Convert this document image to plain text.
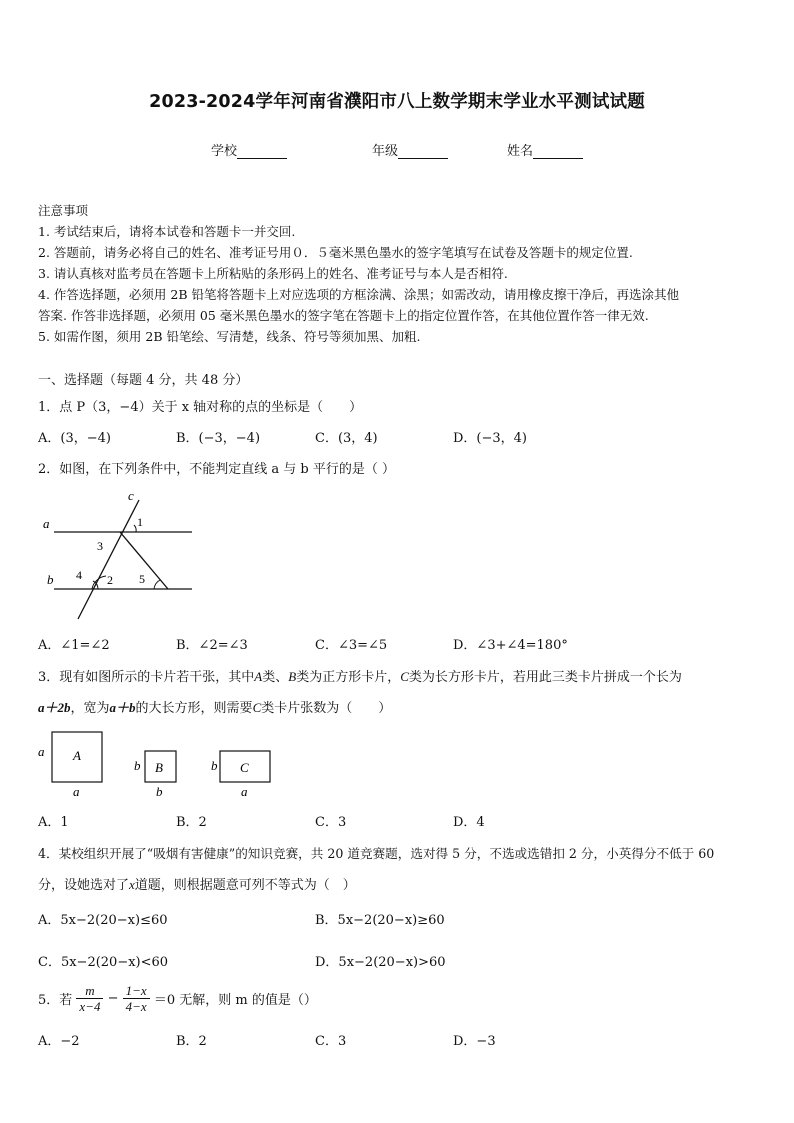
2023-2024学年河南省濮阳市八上数学期末学业水平测试试题
学校	年级	姓名
注意事项
1. 考试结束后，请将本试卷和答题卡一并交回.
2. 答题前，请务必将自己的姓名、准考证号用０．５毫米黑色墨水的签字笔填写在试卷及答题卡的规定位置.
3. 请认真核对监考员在答题卡上所粘贴的条形码上的姓名、准考证号与本人是否相符.
4. 作答选择题，必须用 2B 铅笔将答题卡上对应选项的方框涂满、涂黑；如需改动，请用橡皮擦干净后，再选涂其他
答案. 作答非选择题，必须用 05 毫米黑色墨水的签字笔在答题卡上的指定位置作答，在其他位置作答一律无效.
5. 如需作图，须用 2B 铅笔绘、写清楚，线条、符号等须加黑、加粗.
一、选择题（每题 4 分，共 48 分）
1．点 P（3，−4）关于 x 轴对称的点的坐标是（　　）
A．(3，−4)	B．(−3，−4)	C．(3，4)	D．(−3，4)
2．如图，在下列条件中，不能判定直线 a 与 b 平行的是（ ）
c
a
b
1
3
4 2 5
A．∠1=∠2	B．∠2=∠3	C．∠3=∠5	D．∠3+∠4=180°
3．现有如图所示的卡片若干张，其中A类、B类为正方形卡片，C类为长方形卡片，若用此三类卡片拼成一个长为
a＋2b，宽为a＋b的大长方形，则需要C类卡片张数为（　　）
A
a
a
B
b
b
C
b
a
A．1	B．2	C．3	D．4
4．某校组织开展了“吸烟有害健康”的知识竞赛，共 20 道竞赛题，选对得 5 分，不选或选错扣 2 分，小英得分不低于 60
分，设她选对了x道题，则根据题意可列不等式为（　）
A．5x−2(20−x)≤60	B．5x−2(20−x)≥60
C．5x−2(20−x)<60	D．5x−2(20−x)>60
5．若 $\frac{m}{x-4} - \frac{1-x}{4-x} =0$ 无解，则 m 的值是（）
A．−2	B．2	C．3	D．−3
